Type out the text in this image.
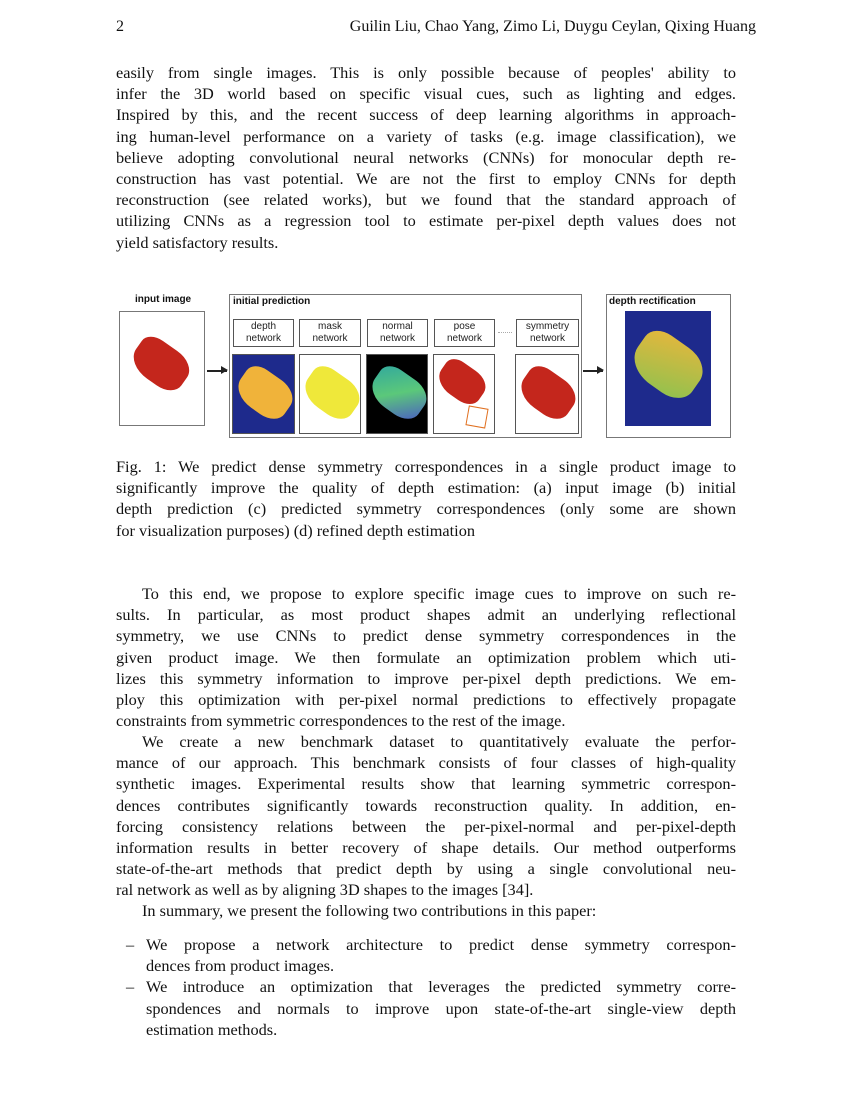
2	Guilin Liu, Chao Yang, Zimo Li, Duygu Ceylan, Qixing Huang
easily from single images. This is only possible because of peoples' ability to
infer the 3D world based on specific visual cues, such as lighting and edges.
Inspired by this, and the recent success of deep learning algorithms in approach-
ing human-level performance on a variety of tasks (e.g. image classification), we
believe adopting convolutional neural networks (CNNs) for monocular depth re-
construction has vast potential. We are not the first to employ CNNs for depth
reconstruction (see related works), but we found that the standard approach of
utilizing CNNs as a regression tool to estimate per-pixel depth values does not
yield satisfactory results.
depth
network
mask
network
normal
network
pose
network
symmetry
network
input image	initial prediction	depth rectification
Fig. 1: We predict dense symmetry correspondences in a single product image to
significantly improve the quality of depth estimation: (a) input image (b) initial
depth prediction (c) predicted symmetry correspondences (only some are shown
for visualization purposes) (d) refined depth estimation
To this end, we propose to explore specific image cues to improve on such re-
sults. In particular, as most product shapes admit an underlying reflectional
symmetry, we use CNNs to predict dense symmetry correspondences in the
given product image. We then formulate an optimization problem which uti-
lizes this symmetry information to improve per-pixel depth predictions. We em-
ploy this optimization with per-pixel normal predictions to effectively propagate
constraints from symmetric correspondences to the rest of the image.
We create a new benchmark dataset to quantitatively evaluate the perfor-
mance of our approach. This benchmark consists of four classes of high-quality
synthetic images. Experimental results show that learning symmetric correspon-
dences contributes significantly towards reconstruction quality. In addition, en-
forcing consistency relations between the per-pixel-normal and per-pixel-depth
information results in better recovery of shape details. Our method outperforms
state-of-the-art methods that predict depth by using a single convolutional neu-
ral network as well as by aligning 3D shapes to the images [34].
In summary, we present the following two contributions in this paper:
– We propose a network architecture to predict dense symmetry correspon-
dences from product images.
– We introduce an optimization that leverages the predicted symmetry corre-
spondences and normals to improve upon state-of-the-art single-view depth
estimation methods.
